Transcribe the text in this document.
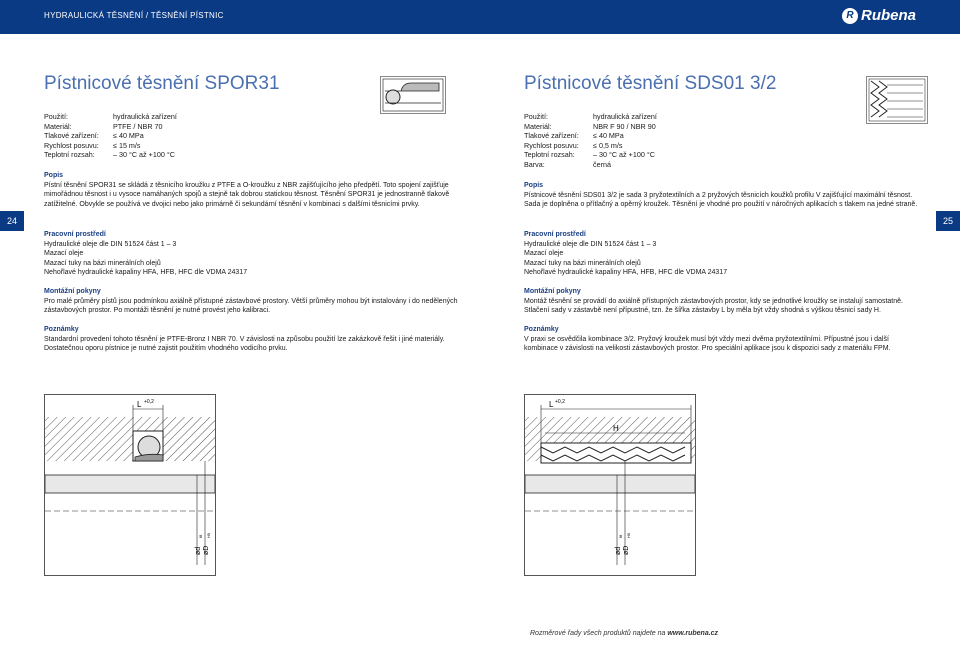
HYDRAULICKÁ TĚSNĚNÍ / TĚSNĚNÍ PÍSTNIC	R Rubena
24	25
Pístnicové těsnění SPOR31
Použití:	hydraulická zařízení
Materiál:	PTFE / NBR 70
Tlakové zařízení:	≤ 40 MPa
Rychlost posuvu:	≤ 15 m/s
Teplotní rozsah:	– 30 °C až +100 °C
Popis
Pístní těsnění SPOR31 se skládá z těsnicího kroužku z PTFE a O-kroužku z NBR zajišťujícího jeho předpětí. Toto spojení zajišťuje mimořádnou těsnost i u vysoce namáhaných spojů a stejně tak dobrou statickou těsnost. Těsnění SPOR31 je jednostranně tlakově zatížitelné. Obvykle se používá ve dvojici nebo jako primárně či sekundární těsnění v kombinaci s dalšími těsnicími prvky.
Pracovní prostředí
Hydraulické oleje dle DIN 51524 část 1 – 3
Mazací oleje
Mazací tuky na bázi minerálních olejů
Nehořlavé hydraulické kapaliny HFA, HFB, HFC dle VDMA 24317
Montážní pokyny
Pro malé průměry pístů jsou podmínkou axiálně přístupné zástavbové prostory. Větší průměry mohou být instalovány i do nedělených zástavbových prostor. Po montáži těsnění je nutné provést jeho kalibraci.
Poznámky
Standardní provedení tohoto těsnění je PTFE-Bronz I NBR 70. V závislosti na způsobu použití lze zakázkově řešit i jiné materiály. Dostatečnou oporu pístnice je nutné zajistit použitím vhodného vodicího prvku.
L +0,2
ød øD
f8 H9
Pístnicové těsnění SDS01 3/2
Použití:	hydraulická zařízení
Materiál:	NBR F 90 / NBR 90
Tlakové zařízení:	≤ 40 MPa
Rychlost posuvu:	≤ 0,5 m/s
Teplotní rozsah:	– 30 °C až +100 °C
Barva:	černá
Popis
Pístnicové těsnění SDS01 3/2 je sada 3 pryžotextilních a 2 pryžových těsnicích koužků profilu V zajišťující maximální těsnost. Sada je doplněna o přítlačný a opěrný kroužek. Těsnění je vhodné pro použití v náročných aplikacích s tlakem na jedné straně.
Pracovní prostředí
Hydraulické oleje dle DIN 51524 část 1 – 3
Mazací oleje
Mazací tuky na bázi minerálních olejů
Nehořlavé hydraulické kapaliny HFA, HFB, HFC dle VDMA 24317
Montážní pokyny
Montáž těsnění se provádí do axiálně přístupných zástavbových prostor, kdy se jednotlivé kroužky se instalují samostatně. Stlačení sady v zástavbě není přípustné, tzn. že šířka zástavby L by měla být vždy shodná s výškou těsnicí sady H.
Poznámky
V praxi se osvědčila kombinace 3/2. Pryžový kroužek musí být vždy mezi dvěma pryžotextilními. Přípustné jsou i další kombinace v závislosti na velikosti zástavbových prostor. Pro speciální aplikace jsou k dispozici sady z materiálu FPM.
L +0,2
H
ød øD
f8 H9
Rozměrové řady všech produktů najdete na www.rubena.cz
